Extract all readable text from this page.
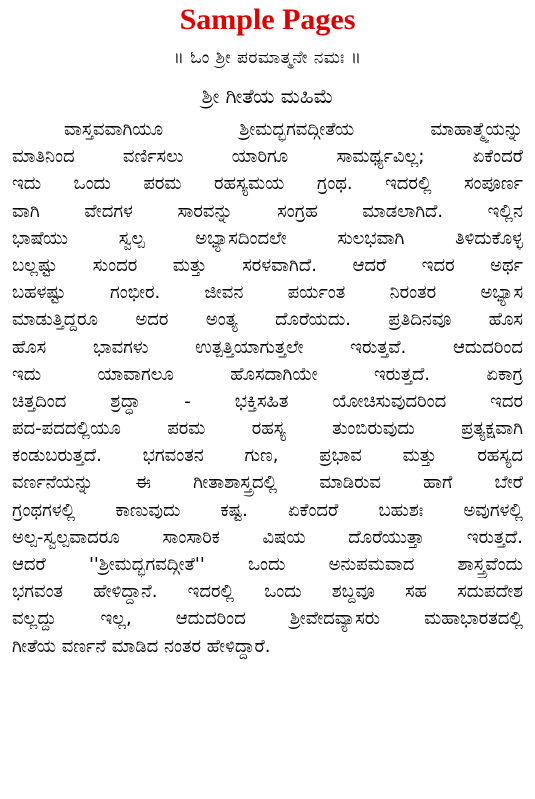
Sample Pages
॥ ಓಂ ಶ್ರೀ ಪರಮಾತ್ಮನೇ ನಮಃ ॥
ಶ್ರೀ ಗೀತೆಯ ಮಹಿಮೆ
ವಾಸ್ತವವಾಗಿಯೂ ಶ್ರೀಮದ್ಭಗವದ್ಗೀತೆಯ ಮಾಹಾತ್ಮ್ಯೆಯನ್ನು
ಮಾತಿನಿಂದ ವರ್ಣಿಸಲು ಯಾರಿಗೂ ಸಾಮರ್ಥ್ಯವಿಲ್ಲ; ಏಕೆಂದರೆ
ಇದು ಒಂದು ಪರಮ ರಹಸ್ಯಮಯ ಗ್ರಂಥ. ಇದರಲ್ಲಿ ಸಂಪೂರ್ಣ
ವಾಗಿ ವೇದಗಳ ಸಾರವನ್ನು ಸಂಗ್ರಹ ಮಾಡಲಾಗಿದೆ. ಇಲ್ಲಿನ
ಭಾಷೆಯು ಸ್ವಲ್ಪ ಅಭ್ಯಾಸದಿಂದಲೇ ಸುಲಭವಾಗಿ ತಿಳಿದುಕೊಳ್ಳ
ಬಲ್ಲಷ್ಟು ಸುಂದರ ಮತ್ತು ಸರಳವಾಗಿದೆ. ಆದರೆ ಇದರ ಅರ್ಥ
ಬಹಳಷ್ಟು ಗಂಭೀರ. ಜೀವನ ಪರ್ಯಂತ ನಿರಂತರ ಅಭ್ಯಾಸ
ಮಾಡುತ್ತಿದ್ದರೂ ಅದರ ಅಂತ್ಯ ದೊರೆಯದು. ಪ್ರತಿದಿನವೂ ಹೊಸ
ಹೊಸ ಭಾವಗಳು ಉತ್ಪತ್ತಿಯಾಗುತ್ತಲೇ ಇರುತ್ತವೆ. ಆದುದರಿಂದ
ಇದು ಯಾವಾಗಲೂ ಹೊಸದಾಗಿಯೇ ಇರುತ್ತದೆ. ಏಕಾಗ್ರ
ಚಿತ್ತದಿಂದ ಶ್ರದ್ಧಾ - ಭಕ್ತಿಸಹಿತ ಯೋಚಿಸುವುದರಿಂದ ಇದರ
ಪದ-ಪದದಲ್ಲಿಯೂ ಪರಮ ರಹಸ್ಯ ತುಂಬಿರುವುದು ಪ್ರತ್ಯಕ್ಷವಾಗಿ
ಕಂಡುಬರುತ್ತದೆ. ಭಗವಂತನ ಗುಣ, ಪ್ರಭಾವ ಮತ್ತು ರಹಸ್ಯದ
ವರ್ಣನೆಯನ್ನು ಈ ಗೀತಾಶಾಸ್ತ್ರದಲ್ಲಿ ಮಾಡಿರುವ ಹಾಗೆ ಬೇರೆ
ಗ್ರಂಥಗಳಲ್ಲಿ ಕಾಣುವುದು ಕಷ್ಟ. ಏಕೆಂದರೆ ಬಹುಶಃ ಅವುಗಳಲ್ಲಿ
ಅಲ್ಪ-ಸ್ವಲ್ಪವಾದರೂ ಸಾಂಸಾರಿಕ ವಿಷಯ ದೊರೆಯುತ್ತಾ ಇರುತ್ತದೆ.
ಆದರೆ ''ಶ್ರೀಮದ್ಭಗವದ್ಗೀತೆ'' ಒಂದು ಅನುಪಮವಾದ ಶಾಸ್ತ್ರವೆಂದು
ಭಗವಂತ ಹೇಳಿದ್ದಾನೆ. ಇದರಲ್ಲಿ ಒಂದು ಶಬ್ದವೂ ಸಹ ಸದುಪದೇಶ
ವಲ್ಲದ್ದು ಇಲ್ಲ, ಆದುದರಿಂದ ಶ್ರೀವೇದವ್ಯಾಸರು ಮಹಾಭಾರತದಲ್ಲಿ
ಗೀತೆಯ ವರ್ಣನೆ ಮಾಡಿದ ನಂತರ ಹೇಳಿದ್ದಾರೆ.
